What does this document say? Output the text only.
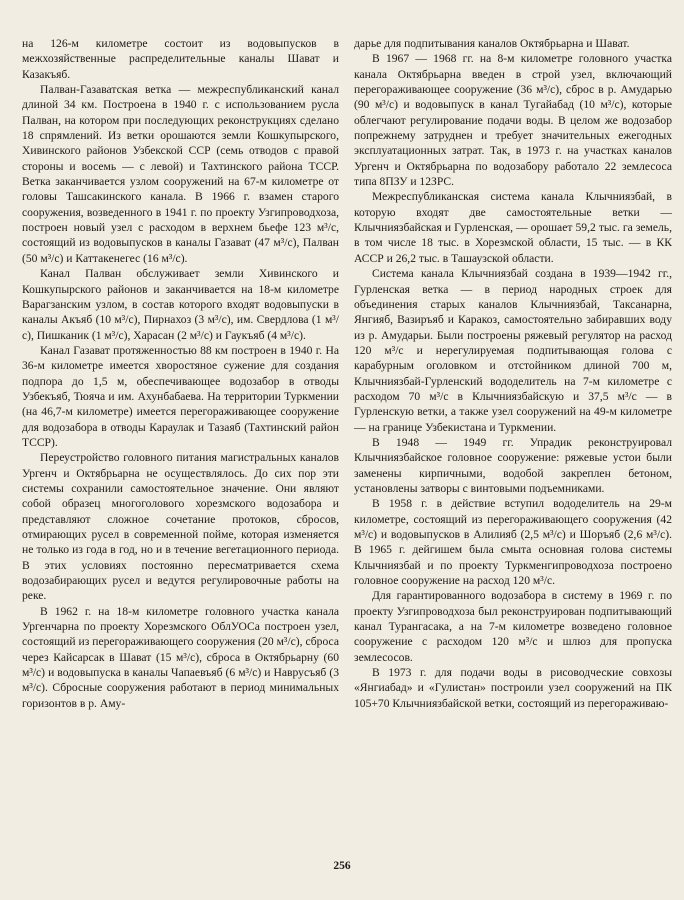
на 126-м километре состоит из водовыпусков в межхозяйственные распределительные каналы Шават и Казакъяб.

Палван-Газаватская ветка — межреспубликанский канал длиной 34 км. Построена в 1940 г. с использованием русла Палван, на котором при последующих реконструкциях сделано 18 спрямлений. Из ветки орошаются земли Кошкупырского, Хивинского районов Узбекской ССР (семь отводов с правой стороны и восемь — с левой) и Тахтинского района ТССР. Ветка заканчивается узлом сооружений на 67-м километре от головы Ташсакинского канала. В 1966 г. взамен старого сооружения, возведенного в 1941 г. по проекту Узгипроводхоза, построен новый узел с расходом в верхнем бьефе 123 м³/с, состоящий из водовыпусков в каналы Газават (47 м³/с), Палван (50 м³/с) и Каттакенегес (16 м³/с).

Канал Палван обслуживает земли Хивинского и Кошкупырского районов и заканчивается на 18-м километре Варагзанским узлом, в состав которого входят водовыпуски в каналы Акъяб (10 м³/с), Пирнахоз (3 м³/с), им. Свердлова (1 м³/с), Пишканик (1 м³/с), Харасан (2 м³/с) и Гаукъяб (4 м³/с).

Канал Газават протяженностью 88 км построен в 1940 г. На 36-м километре имеется хворостяное сужение для создания подпора до 1,5 м, обеспечивающее водозабор в отводы Узбекъяб, Тюяча и им. Ахунбабаева. На территории Туркмении (на 46,7-м километре) имеется перегораживающее сооружение для водозабора в отводы Караулак и Тазаяб (Тахтинский район ТССР).

Переустройство головного питания магистральных каналов Ургенч и Октябрьарна не осуществлялось. До сих пор эти системы сохранили самостоятельное значение. Они являют собой образец многоголового хорезмского водозабора и представляют сложное сочетание протоков, сбросов, отмирающих русел в современной пойме, которая изменяется не только из года в год, но и в течение вегетационного периода. В этих условиях постоянно пересматривается схема водозабирающих русел и ведутся регулировочные работы на реке.

В 1962 г. на 18-м километре головного участка канала Ургенчарна по проекту Хорезмского ОблУОСа построен узел, состоящий из перегораживающего сооружения (20 м³/с), сброса через Кайсарсак в Шават (15 м³/с), сброса в Октябрьарну (60 м³/с) и водовыпуска в каналы Чапаевъяб (6 м³/с) и Наврусъяб (3 м³/с). Сбросные сооружения работают в период минимальных горизонтов в р. Аму-

дарье для подпитывания каналов Октябрьарна и Шават.

В 1967 — 1968 гг. на 8-м километре головного участка канала Октябрьарна введен в строй узел, включающий перегораживающее сооружение (36 м³/с), сброс в р. Амударью (90 м³/с) и водовыпуск в канал Тугайабад (10 м³/с), которые облегчают регулирование подачи воды. В целом же водозабор попрежнему затруднен и требует значительных ежегодных эксплуатационных затрат. Так, в 1973 г. на участках каналов Ургенч и Октябрьарна по водозабору работало 22 землесоса типа 8ПЗУ и 12ЗРС.

Межреспубликанская система канала Клычниязбай, в которую входят две самостоятельные ветки — Клычниязбайская и Гурленская, — орошает 59,2 тыс. га земель, в том числе 18 тыс. в Хорезмской области, 15 тыс. — в КК АССР и 26,2 тыс. в Ташаузской области.

Система канала Клычниязбай создана в 1939—1942 гг., Гурленская ветка — в период народных строек для объединения старых каналов Клычниязбай, Таксанарна, Янгияб, Вазиръяб и Каракоз, самостоятельно забиравших воду из р. Амударьи. Были построены ряжевый регулятор на расход 120 м³/с и нерегулируемая подпитывающая голова с карабурным оголовком и отстойником длиной 700 м, Клычниязбай-Гурленский вододелитель на 7-м километре с расходом 70 м³/с в Клычниязбайскую и 37,5 м³/с — в Гурленскую ветки, а также узел сооружений на 49-м километре — на границе Узбекистана и Туркмении.

В 1948 — 1949 гг. Упрадик реконструировал Клычниязбайское головное сооружение: ряжевые устои были заменены кирпичными, водобой закреплен бетоном, установлены затворы с винтовыми подъемниками.

В 1958 г. в действие вступил вододелитель на 29-м километре, состоящий из перегораживающего сооружения (42 м³/с) и водовыпусков в Алилияб (2,5 м³/с) и Шоръяб (2,6 м³/с). В 1965 г. дейгишем была смыта основная голова системы Клычниязбай и по проекту Туркменгипроводхоза построено головное сооружение на расход 120 м³/с.

Для гарантированного водозабора в систему в 1969 г. по проекту Узгипроводхоза был реконструирован подпитывающий канал Турангасака, а на 7-м километре возведено головное сооружение с расходом 120 м³/с и шлюз для пропуска землесосов.

В 1973 г. для подачи воды в рисоводческие совхозы «Янгиабад» и «Гулистан» построили узел сооружений на ПК 105+70 Клычниязбайской ветки, состоящий из перегораживаю-

256
